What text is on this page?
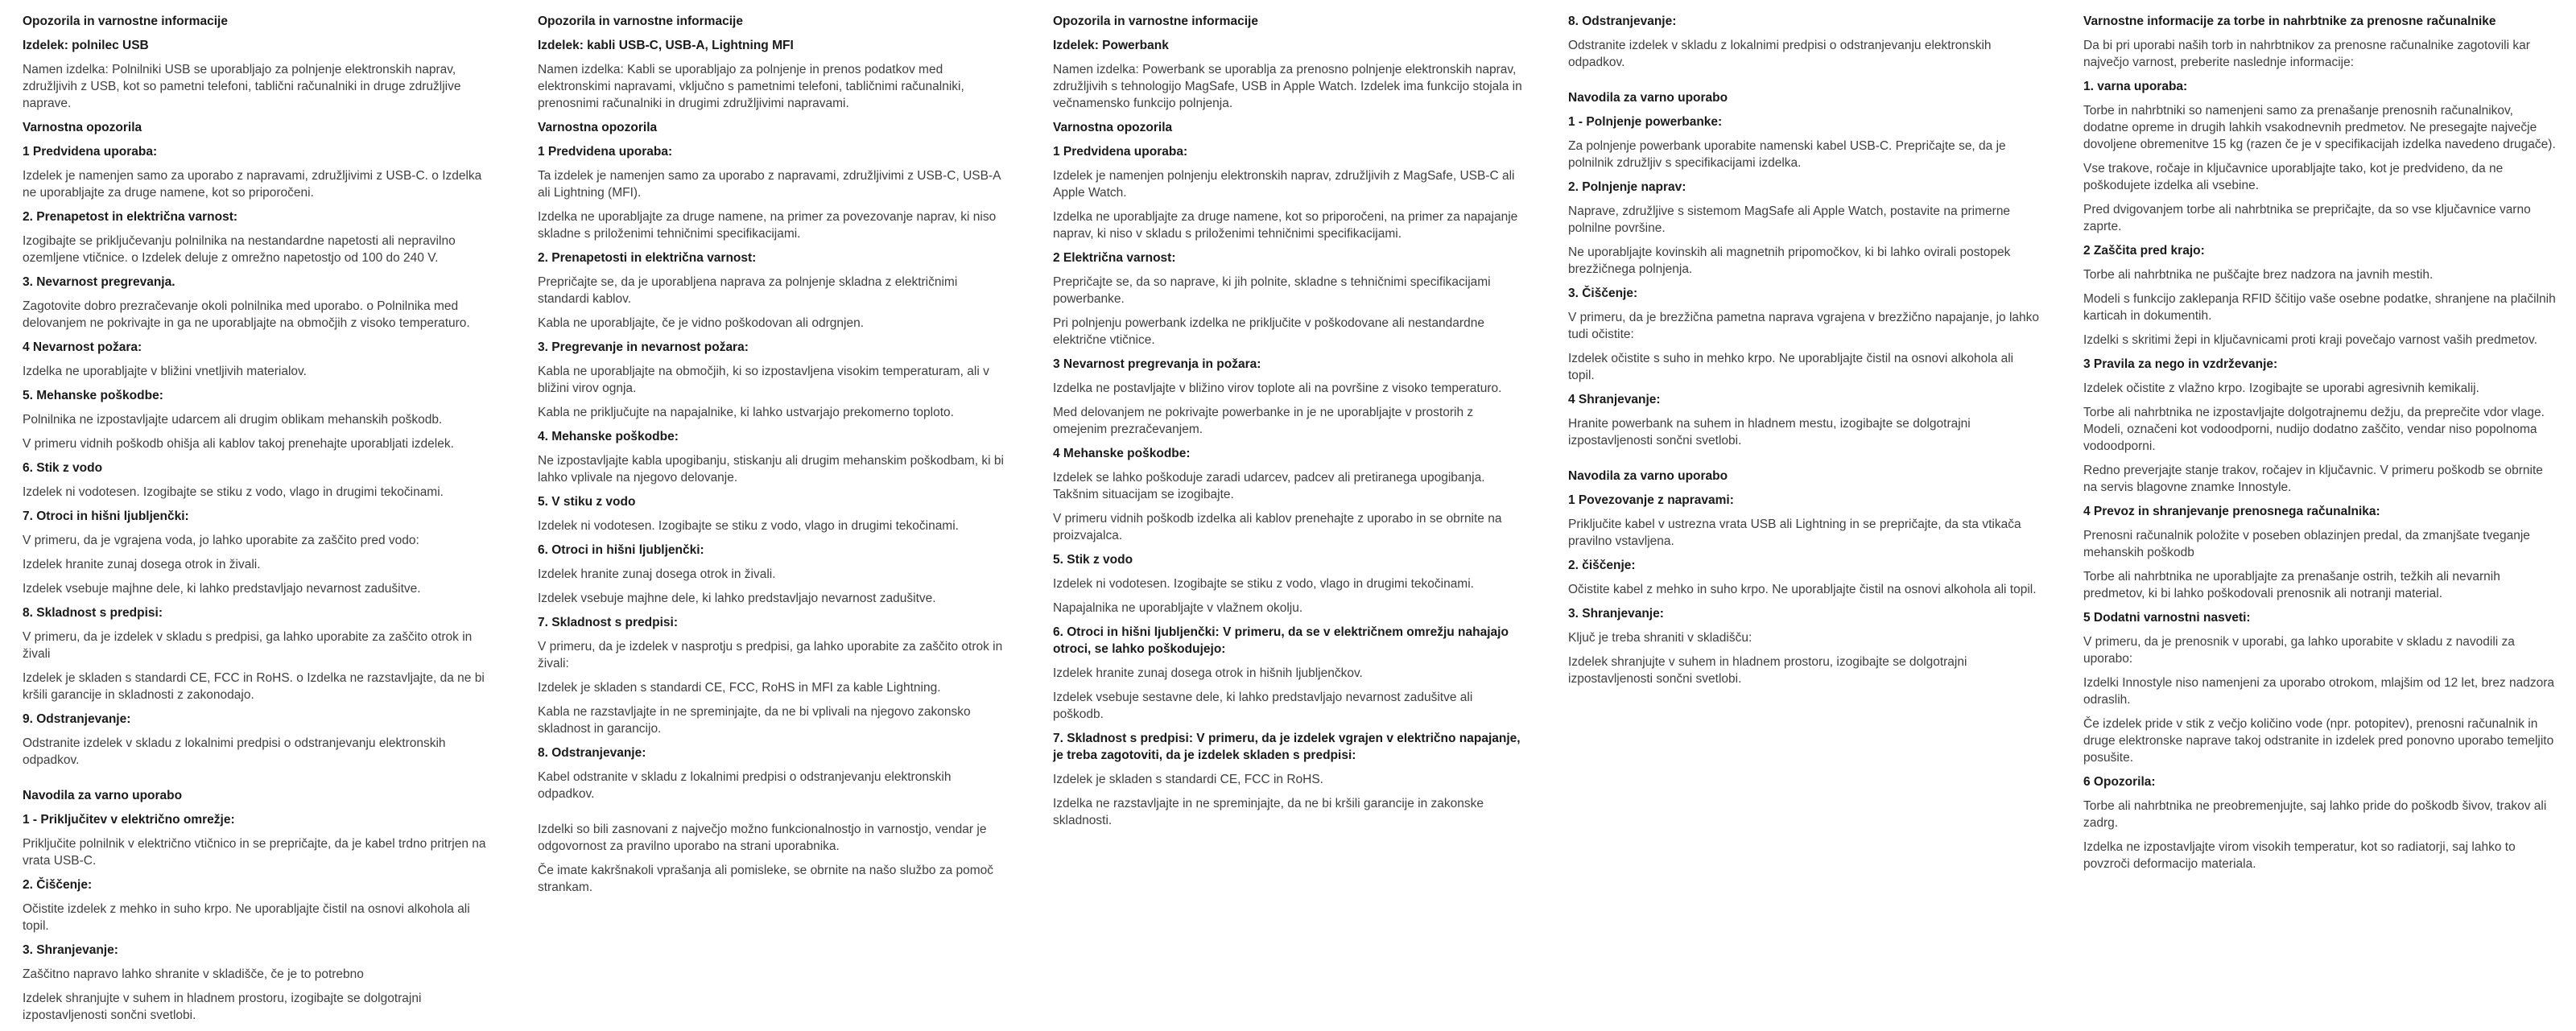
Opozorila in varnostne informacije
Izdelek: polnilec USB

Namen izdelka: Polnilniki USB se uporabljajo za polnjenje elektronskih naprav, združljivih z USB, kot so pametni telefoni, tablični računalniki in druge združljive naprave.

Varnostna opozorila
1 Predvidena uporaba:

Izdelek je namenjen samo za uporabo z napravami, združljivimi z USB-C. o Izdelka ne uporabljajte za druge namene, kot so priporočeni.

2. Prenapetost in električna varnost:

Izogibajte se priključevanju polnilnika na nestandardne napetosti ali nepravilno ozemljene vtičnice. o Izdelek deluje z omrežno napetostjo od 100 do 240 V.

3. Nevarnost pregrevanja.

Zagotovite dobro prezračevanje okoli polnilnika med uporabo. o Polnilnika med delovanjem ne pokrivajte in ga ne uporabljajte na območjih z visoko temperaturo.

4 Nevarnost požara:

Izdelka ne uporabljajte v bližini vnetljivih materialov.

5. Mehanske poškodbe:

Polnilnika ne izpostavljajte udarcem ali drugim oblikam mehanskih poškodb.

V primeru vidnih poškodb ohišja ali kablov takoj prenehajte uporabljati izdelek.

6. Stik z vodo

Izdelek ni vodotesen. Izogibajte se stiku z vodo, vlago in drugimi tekočinami.

7. Otroci in hišni ljubljenčki:

V primeru, da je vgrajena voda, jo lahko uporabite za zaščito pred vodo:

Izdelek hranite zunaj dosega otrok in živali.

Izdelek vsebuje majhne dele, ki lahko predstavljajo nevarnost zadušitve.

8. Skladnost s predpisi:

V primeru, da je izdelek v skladu s predpisi, ga lahko uporabite za zaščito otrok in živali

Izdelek je skladen s standardi CE, FCC in RoHS. o Izdelka ne razstavljajte, da ne bi kršili garancije in skladnosti z zakonodajo.

9. Odstranjevanje:

Odstranite izdelek v skladu z lokalnimi predpisi o odstranjevanju elektronskih odpadkov.

Navodila za varno uporabo
1 - Priključitev v električno omrežje:

Priključite polnilnik v električno vtičnico in se prepričajte, da je kabel trdno pritrjen na vrata USB-C.

2. Čiščenje:

Očistite izdelek z mehko in suho krpo. Ne uporabljajte čistil na osnovi alkohola ali topil.

3. Shranjevanje:

Zaščitno napravo lahko shranite v skladišče, če je to potrebno

Izdelek shranjujte v suhem in hladnem prostoru, izogibajte se dolgotrajni izpostavljenosti sončni svetlobi.

Opozorila in varnostne informacije
Izdelek: kabli USB-C, USB-A, Lightning MFI

Namen izdelka: Kabli se uporabljajo za polnjenje in prenos podatkov med elektronskimi napravami, vključno s pametnimi telefoni, tabličnimi računalniki, prenosnimi računalniki in drugimi združljivimi napravami.

Varnostna opozorila
1 Predvidena uporaba:

Ta izdelek je namenjen samo za uporabo z napravami, združljivimi z USB-C, USB-A ali Lightning (MFI).

Izdelka ne uporabljajte za druge namene, na primer za povezovanje naprav, ki niso skladne s priloženimi tehničnimi specifikacijami.

2. Prenapetosti in električna varnost:

Prepričajte se, da je uporabljena naprava za polnjenje skladna z električnimi standardi kablov.

Kabla ne uporabljajte, če je vidno poškodovan ali odrgnjen.

3. Pregrevanje in nevarnost požara:

Kabla ne uporabljajte na območjih, ki so izpostavljena visokim temperaturam, ali v bližini virov ognja.

Kabla ne priključujte na napajalnike, ki lahko ustvarjajo prekomerno toploto.

4. Mehanske poškodbe:

Ne izpostavljajte kabla upogibanju, stiskanju ali drugim mehanskim poškodbam, ki bi lahko vplivale na njegovo delovanje.

5. V stiku z vodo

Izdelek ni vodotesen. Izogibajte se stiku z vodo, vlago in drugimi tekočinami.

6. Otroci in hišni ljubljenčki:

Izdelek hranite zunaj dosega otrok in živali.

Izdelek vsebuje majhne dele, ki lahko predstavljajo nevarnost zadušitve.

7. Skladnost s predpisi:

V primeru, da je izdelek v nasprotju s predpisi, ga lahko uporabite za zaščito otrok in živali:

Izdelek je skladen s standardi CE, FCC, RoHS in MFI za kable Lightning.

Kabla ne razstavljajte in ne spreminjajte, da ne bi vplivali na njegovo zakonsko skladnost in garancijo.

8. Odstranjevanje:

Kabel odstranite v skladu z lokalnimi predpisi o odstranjevanju elektronskih odpadkov.

Izdelki so bili zasnovani z največjo možno funkcionalnostjo in varnostjo, vendar je odgovornost za pravilno uporabo na strani uporabnika.

Če imate kakršnakoli vprašanja ali pomisleke, se obrnite na našo službo za pomoč strankam.

Opozorila in varnostne informacije
Izdelek: Powerbank

Namen izdelka: Powerbank se uporablja za prenosno polnjenje elektronskih naprav, združljivih s tehnologijo MagSafe, USB in Apple Watch. Izdelek ima funkcijo stojala in večnamensko funkcijo polnjenja.

Varnostna opozorila
1 Predvidena uporaba:

Izdelek je namenjen polnjenju elektronskih naprav, združljivih z MagSafe, USB-C ali Apple Watch.

Izdelka ne uporabljajte za druge namene, kot so priporočeni, na primer za napajanje naprav, ki niso v skladu s priloženimi tehničnimi specifikacijami.

2 Električna varnost:

Prepričajte se, da so naprave, ki jih polnite, skladne s tehničnimi specifikacijami powerbanke.

Pri polnjenju powerbank izdelka ne priključite v poškodovane ali nestandardne električne vtičnice.

3 Nevarnost pregrevanja in požara:

Izdelka ne postavljajte v bližino virov toplote ali na površine z visoko temperaturo.

Med delovanjem ne pokrivajte powerbanke in je ne uporabljajte v prostorih z omejenim prezračevanjem.

4 Mehanske poškodbe:

Izdelek se lahko poškoduje zaradi udarcev, padcev ali pretiranega upogibanja. Takšnim situacijam se izogibajte.

V primeru vidnih poškodb izdelka ali kablov prenehajte z uporabo in se obrnite na proizvajalca.

5. Stik z vodo

Izdelek ni vodotesen. Izogibajte se stiku z vodo, vlago in drugimi tekočinami.

Napajalnika ne uporabljajte v vlažnem okolju.

6. Otroci in hišni ljubljenčki: V primeru, da se v električnem omrežju nahajajo otroci, se lahko poškodujejo:

Izdelek hranite zunaj dosega otrok in hišnih ljubljenčkov.

Izdelek vsebuje sestavne dele, ki lahko predstavljajo nevarnost zadušitve ali poškodb.

7. Skladnost s predpisi: V primeru, da je izdelek vgrajen v električno napajanje, je treba zagotoviti, da je izdelek skladen s predpisi:

Izdelek je skladen s standardi CE, FCC in RoHS.

Izdelka ne razstavljajte in ne spreminjajte, da ne bi kršili garancije in zakonske skladnosti.

8. Odstranjevanje:

Odstranite izdelek v skladu z lokalnimi predpisi o odstranjevanju elektronskih odpadkov.

Navodila za varno uporabo
1 - Polnjenje powerbanke:

Za polnjenje powerbank uporabite namenski kabel USB-C. Prepričajte se, da je polnilnik združljiv s specifikacijami izdelka.

2. Polnjenje naprav:

Naprave, združljive s sistemom MagSafe ali Apple Watch, postavite na primerne polnilne površine.

Ne uporabljajte kovinskih ali magnetnih pripomočkov, ki bi lahko ovirali postopek brezžičnega polnjenja.

3. Čiščenje:

V primeru, da je brezžična pametna naprava vgrajena v brezžično napajanje, jo lahko tudi očistite:

Izdelek očistite s suho in mehko krpo. Ne uporabljajte čistil na osnovi alkohola ali topil.

4 Shranjevanje:

Hranite powerbank na suhem in hladnem mestu, izogibajte se dolgotrajni izpostavljenosti sončni svetlobi.

Navodila za varno uporabo
1 Povezovanje z napravami:

Priključite kabel v ustrezna vrata USB ali Lightning in se prepričajte, da sta vtikača pravilno vstavljena.

2. čiščenje:

Očistite kabel z mehko in suho krpo. Ne uporabljajte čistil na osnovi alkohola ali topil.

3. Shranjevanje:

Ključ je treba shraniti v skladišču:

Izdelek shranjujte v suhem in hladnem prostoru, izogibajte se dolgotrajni izpostavljenosti sončni svetlobi.

Varnostne informacije za torbe in nahrbtnike za prenosne računalnike

Da bi pri uporabi naših torb in nahrbtnikov za prenosne računalnike zagotovili kar največjo varnost, preberite naslednje informacije:

1. varna uporaba:

Torbe in nahrbtniki so namenjeni samo za prenašanje prenosnih računalnikov, dodatne opreme in drugih lahkih vsakodnevnih predmetov. Ne presegajte največje dovoljene obremenitve 15 kg (razen če je v specifikacijah izdelka navedeno drugače).

Vse trakove, ročaje in ključavnice uporabljajte tako, kot je predvideno, da ne poškodujete izdelka ali vsebine.

Pred dvigovanjem torbe ali nahrbtnika se prepričajte, da so vse ključavnice varno zaprte.

2 Zaščita pred krajo:

Torbe ali nahrbtnika ne puščajte brez nadzora na javnih mestih.

Modeli s funkcijo zaklepanja RFID ščitijo vaše osebne podatke, shranjene na plačilnih karticah in dokumentih.

Izdelki s skritimi žepi in ključavnicami proti kraji povečajo varnost vaših predmetov.

3 Pravila za nego in vzdrževanje:

Izdelek očistite z vlažno krpo. Izogibajte se uporabi agresivnih kemikalij.

Torbe ali nahrbtnika ne izpostavljajte dolgotrajnemu dežju, da preprečite vdor vlage. Modeli, označeni kot vodoodporni, nudijo dodatno zaščito, vendar niso popolnoma vodoodporni.

Redno preverjajte stanje trakov, ročajev in ključavnic. V primeru poškodb se obrnite na servis blagovne znamke Innostyle.

4 Prevoz in shranjevanje prenosnega računalnika:

Prenosni računalnik položite v poseben oblazinjen predal, da zmanjšate tveganje mehanskih poškodb

Torbe ali nahrbtnika ne uporabljajte za prenašanje ostrih, težkih ali nevarnih predmetov, ki bi lahko poškodovali prenosnik ali notranji material.

5 Dodatni varnostni nasveti:

V primeru, da je prenosnik v uporabi, ga lahko uporabite v skladu z navodili za uporabo:

Izdelki Innostyle niso namenjeni za uporabo otrokom, mlajšim od 12 let, brez nadzora odraslih.

Če izdelek pride v stik z večjo količino vode (npr. potopitev), prenosni računalnik in druge elektronske naprave takoj odstranite in izdelek pred ponovno uporabo temeljito posušite.

6 Opozorila:

Torbe ali nahrbtnika ne preobremenjujte, saj lahko pride do poškodb šivov, trakov ali zadrg.

Izdelka ne izpostavljajte virom visokih temperatur, kot so radiatorji, saj lahko to povzroči deformacijo materiala.
